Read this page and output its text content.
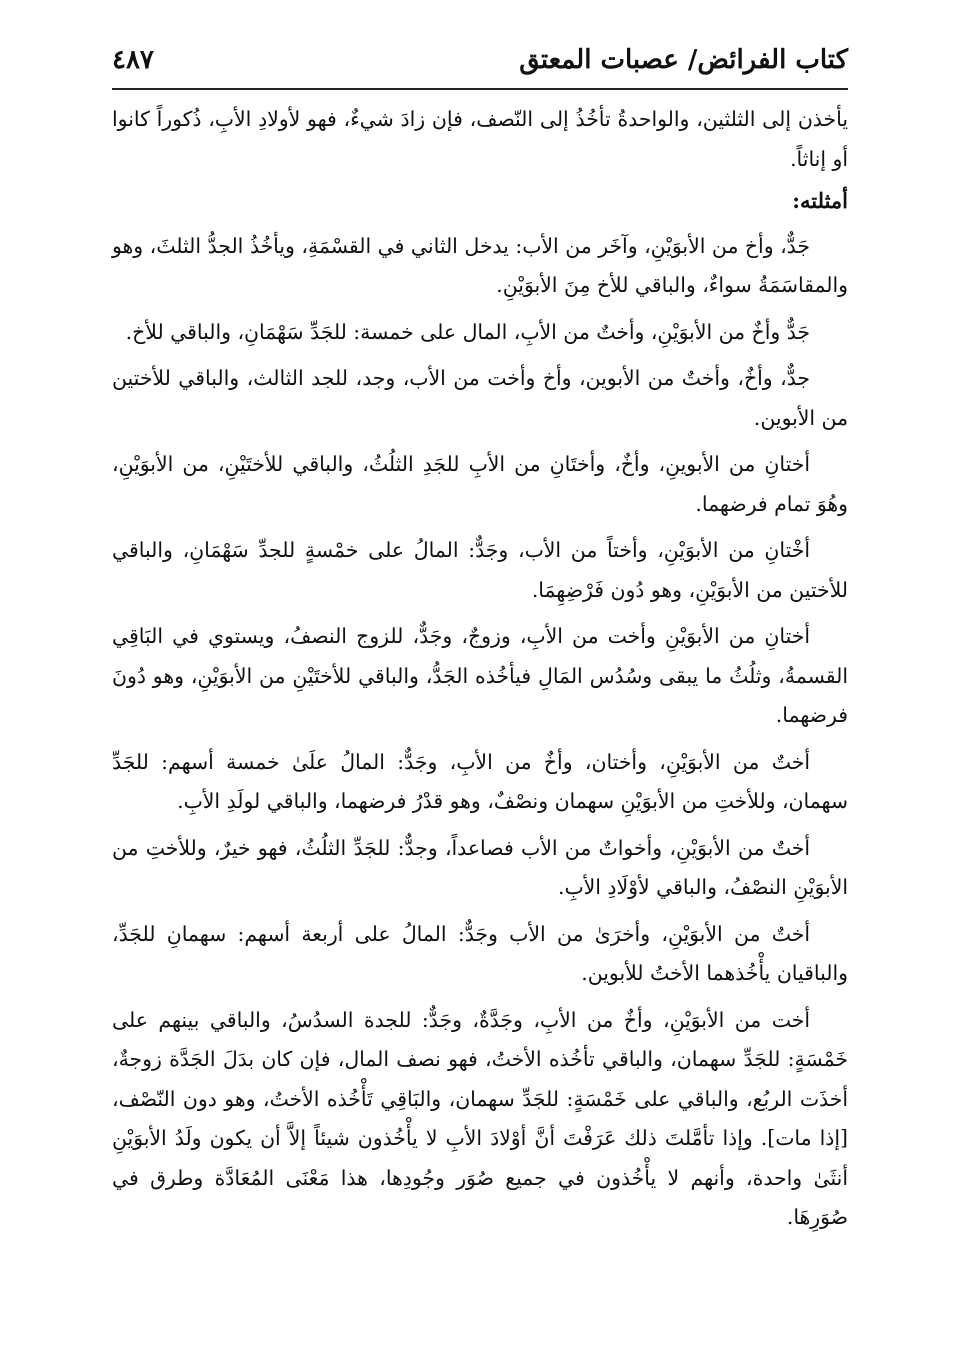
كتاب الفرائض/ عصبات المعتق
٤٨٧

يأخذن إلى الثلثين، والواحدةُ تأخُذُ إلى النّصف، فإن زادَ شيءٌ، فهو لأولادِ الأبِ، ذُكوراً كانوا أو إناثاً.

أمثلته:

جَدٌّ، وأخ من الأبوَيْنِ، وآخَر من الأب: يدخل الثاني في القسْمَةِ، ويأخُذُ الجدُّ الثلثَ، وهو والمقاسَمَةُ سواءٌ، والباقي للأخ مِنَ الأبوَيْنِ.

جَدٌّ وأخٌ من الأبوَيْنِ، وأختٌ من الأبِ، المال على خمسة: للجَدِّ سَهْمَانِ، والباقي للأخ.

جدٌّ، وأخٌ، وأختٌ من الأبوين، وأخ وأخت من الأب، وجد، للجد الثالث، والباقي للأختين من الأبوين.

أختانِ من الأبوينِ، وأخٌ، وأختَانِ من الأبِ للجَدِ الثلُثُ، والباقي للأختَيْنِ، من الأبوَيْنِ، وهُوَ تمام فرضهما.

أخْتانِ من الأبوَيْنِ، وأختاً من الأب، وجَدٌّ: المالُ على خمْسةٍ للجدِّ سَهْمَانِ، والباقي للأختين من الأبوَيْنِ، وهو دُون فَرْضِهِمَا.

أختانِ من الأبوَيْنِ وأخت من الأبِ، وزوجٌ، وجَدٌّ، للزوج النصفُ، ويستوي في البَاقِي القسمةُ، وثلُثُ ما يبقى وسُدُس المَالِ فيأخُذه الجَدُّ، والباقي للأختَيْنِ من الأبوَيْنِ، وهو دُونَ فرضهما.

أختٌ من الأبوَيْنِ، وأختان، وأخٌ من الأبِ، وجَدٌّ: المالُ علَىٰ خمسة أسهم: للجَدِّ سهمان، وللأختِ من الأبوَيْنِ سهمان ونصْفٌ، وهو قدْرُ فرضهما، والباقي لولَدِ الأبِ.

أختٌ من الأبوَيْنِ، وأخواتٌ من الأب فصاعداً، وجدٌّ: للجَدِّ الثلُثُ، فهو خيرٌ، وللأختِ من الأبوَيْنِ النصْفُ، والباقي لأوْلَادِ الأبِ.

أختٌ من الأبوَيْنِ، وأخرَىٰ من الأب وجَدٌّ: المالُ على أربعة أسهم: سهمانِ للجَدِّ، والباقيان يأْخُذهما الأختُ للأبوين.

أخت من الأبوَيْنِ، وأخٌ من الأبِ، وجَدَّةٌ، وجَدٌّ: للجدة السدُسُ، والباقي بينهم على خَمْسَةٍ: للجَدِّ سهمان، والباقي تأخُذه الأختُ، فهو نصف المال، فإن كان بدَلَ الجَدَّة زوجةٌ، أخذَت الربُع، والباقي على خَمْسَةٍ: للجَدِّ سهمان، والبَاقِي تَأْخُذه الأختُ، وهو دون النّصْف، [إذا مات]. وإذا تأمَّلتَ ذلك عَرَفْتَ أنَّ أوْلادَ الأبِ لا يأْخُذون شيئاً إلاَّ أن يكون ولَدُ الأبوَيْنِ أنثَىٰ واحدة، وأنهم لا يأْخُذون في جميع صُوَر وجُودِها، هذا مَعْنَى المُعَادَّة وطرق في صُوَرِهَا.
